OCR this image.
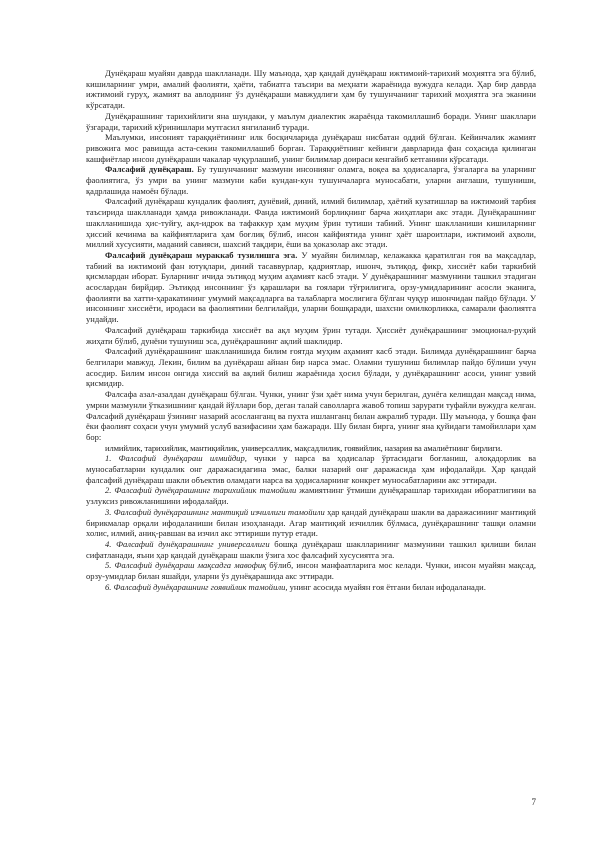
Дунёқараш муайян даврда шаклланади. Шу маънода, ҳар қандай дунёқараш ижтимоий-тарихий моҳиятга эга бўлиб, кишиларнинг умри, амалий фаолияти, ҳаёти, табиатга таъсири ва меҳнати жараёнида вужудга келади. Ҳар бир даврда ижтимоий гуруҳ, жамият ва авлоднинг ўз дунёқараши мавжудлиги ҳам бу тушунчанинг тарихий моҳиятга эга эканини кўрсатади.

Дунёқарашнинг тарихийлиги яна шундаки, у маълум диалектик жараёнда такомиллашиб боради. Унинг шакллари ўзгаради, тарихий кўринишлари мутгасил янгиланиб туради.

Маълумки, инсоният тараққиётининг илк босқичларида дунёқараш нисбатан оддий бўлган. Кейинчалик жамият ривожига мос равишда аста-секин такомиллашиб борган. Тараққиётнинг кейинги даврларида фан соҳасида қилинган кашфиётлар инсон дунёқараши чакалар чуқурлашиб, унинг билимлар доираси кенгайиб кетганини кўрсатади.

Фалсафий дунёқараш. Бу тушунчанинг мазмуни инсониянг оламга, воқеа ва ҳодисаларга, ўзгаларга ва уларнинг фаолиятига, ўз умри ва унинг мазмуни каби кундан-кун тушунчаларга муносабати, уларни англаши, тушуниши, қадрлашида намоён бўлади.

Фалсафий дунёқараш кундалик фаолият, дунёвий, диний, илмий билимлар, ҳаётий кузатишлар ва ижтимоий тарбия таъсирида шаклланади ҳамда ривожланади. Фанда ижтимоий борлиқнинг барча жиҳатлари акс этади. Дунёқарашнинг шаклланишида ҳис-туйғу, ақл-идрок ва тафаккур ҳам муҳим ўрин тутиши табиий. Унинг шаклланиши кишиларнинг ҳиссий кечинма ва кайфиятларига ҳам боғлиқ бўлиб, инсон кайфиятида унинг ҳаёт шароитлари, ижтимоий аҳволи, миллий хусусияти, маданий савияси, шахсий тақдири, ёши ва ҳоказолар акс этади.

Фалсафий дунёқараш мураккаб тузилишга эга. У муайян билимлар, келажакка қаратилган гоя ва мақсадлар, табиий ва ижтимоий фан ютуқлари, диний тасаввурлар, қадриятлар, ишонч, эътиқод, фикр, хиссиёт каби таркибий қисмлардан иборат. Буларнинг ичида эътиқод муҳим аҳамият касб этади. У дунёқарашнинг мазмунини ташкил этадиган асослардан бирйдир. Эътиқод инсоннинг ўз қарашлари ва гоялари тўғрилигига, орзу-умидларининг асосли эканига, фаолияти ва хатти-ҳаракатининг умумий мақсадларга ва талабларга мослигига бўлган чуқур ишончидан пайдо бўлади. У инсоннинг хиссиёти, иродаси ва фаолиятини белгилайди, уларни бошқаради, шахсни омилкорликка, самарали фаолиятга ундайди.

Фалсафий дунёқараш таркибида хиссиёт ва ақл муҳим ўрин тутади. Ҳиссиёт дунёқарашнинг эмоционал-руҳий жиҳати бўлиб, дунёни тушуниш эса, дунёқарашнинг ақлий шаклидир.

Фалсафий дунёқарашнинг шаклланишида билим ғоятда муҳим аҳамият касб этади. Билимда дунёқарашнинг барча белгилари мавжуд. Лекин, билим ва дунёқараш айнан бир нарса эмас. Оламни тушуниш билимлар пайдо бўлиши учун асосдир. Билим инсон онгида хиссий ва ақлий билиш жараёнида ҳосил бўлади, у дунёқарашнинг асоси, унинг узвий қисмидир.

Фалсафа азал-азалдан дунёқараш бўлган. Чунки, унинг ўзи ҳаёт нима учун берилган, дунёга келишдан мақсад нима, умрни мазмунли ўтказишнинг қандай йўллари бор, деган талай саволларга жавоб топиш зарурати туфайли вужудга келган. Фалсафий дунёқараш ўзининг назарий асосланганц ва пухта ишланганц билан ажралиб туради. Шу маънода, у бошқа фан ёки фаолият соҳаси учун умумий услуб вазифасини ҳам бажаради. Шу билан бирга, унинг яна қуйидаги тамойиллари ҳам бор:

илмийлик, тарихийлик, мантиқийлик, универсаллик, мақсадлилик, гоявийлик, назария ва амалиётнинг бирлиги.

1. Фалсафий дунёқараш илмийдир, чунки у нарса ва ҳодисалар ўртасидаги боғланиш, алоқадорлик ва муносабатларни кундалик онг даражасидагина эмас, балки назарий онг даражасида ҳам ифодалайди. Ҳар қандай фалсафий дунёқараш шакли объектив оламдаги нарса ва ҳодисаларнинг конкрет муносабатларини акс эттиради.

2. Фалсафий дунёқарашнинг тарихийлик тамойили жамиятнинг ўтмиши дунёқарашлар тарихидан иборатлигини ва узлуксиз ривожланишини ифодалайди.

3. Фалсафий дунёқарашнинг мантиқий изчиллиги тамойили ҳар қандай дунёқараш шакли ва даражасининг мантиқий бирикмалар орқали ифодаланиши билан изоҳланади. Агар мантиқий изчиллик бўлмаса, дунёқарашнинг ташқи оламни холис, илмий, аниқ-равшан ва изчил акс эттириши путур етади.

4. Фалсафий дунёқарашнинг универсаллиги бошқа дунёқараш шаклларининг мазмунини ташкил қилиши билан сифатланади, яъни ҳар қандай дунёқараш шакли ўзига хос фалсафий хусусиятга эга.

5. Фалсафий дунёқараш мақсадга мавофиқ бўлиб, инсон манфаатларига мос келади. Чунки, инсон муайян мақсад, орзу-умидлар билан яшайди, уларни ўз дунёқарашида акс эттиради.

6. Фалсафий дунёқарашнинг гоявийлик тамойили, унинг асосида муайян ғоя ётгани билан ифодаланади.

7
